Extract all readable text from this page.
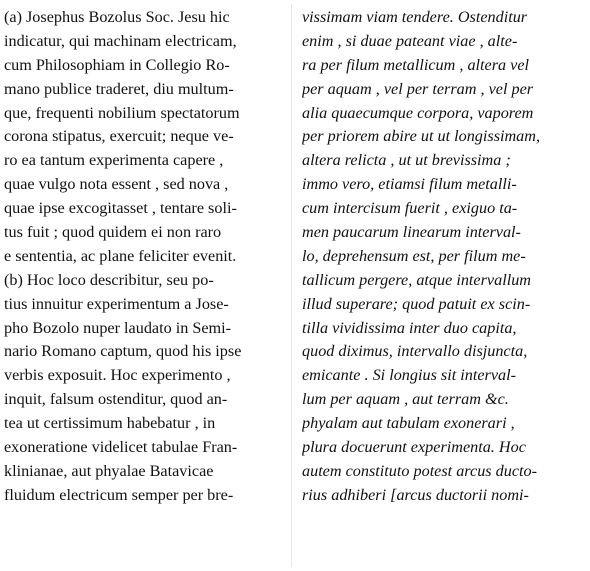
(a) Josephus Bozolus Soc. Jesu hic
indicatur, qui machinam electricam,
cum Philosophiam in Collegio Ro-
mano publice traderet, diu multum-
que, frequenti nobilium spectatorum
corona stipatus, exercuit; neque ve-
ro ea tantum experimenta capere ,
quae vulgo nota essent , sed nova ,
quae ipse excogitasset , tentare soli-
tus fuit ; quod quidem ei non raro
e sententia, ac plane feliciter evenit.
(b) Hoc loco describitur, seu po-
tius innuitur experimentum a Jose-
pho Bozolo nuper laudato in Semi-
nario Romano captum, quod his ipse
verbis exposuit. Hoc experimento ,
inquit, falsum ostenditur, quod an-
tea ut certissimum habebatur , in
exoneratione videlicet tabulae Fran-
klinianae, aut phyalae Batavicae
fluidum electricum semper per bre-
vissimam viam tendere. Ostenditur
enim , si duae pateant viae , alte-
ra per filum metallicum , altera vel
per aquam , vel per terram , vel per
alia quaecumque corpora, vaporem
per priorem abire ut ut longissimam,
altera relicta , ut ut brevissima ;
immo vero, etiamsi filum metalli-
cum intercisum fuerit , exiguo ta-
men paucarum linearum interval-
lo, deprehensum est, per filum me-
tallicum pergere, atque intervallum
illud superare; quod patuit ex scin-
tilla vividissima inter duo capita,
quod diximus, intervallo disjuncta,
emicante . Si longius sit interval-
lum per aquam , aut terram &c.
phyalam aut tabulam exonerari ,
plura docuerunt experimenta. Hoc
autem constituto potest arcus ducto-
rius adhiberi [arcus ductorii nomi-
